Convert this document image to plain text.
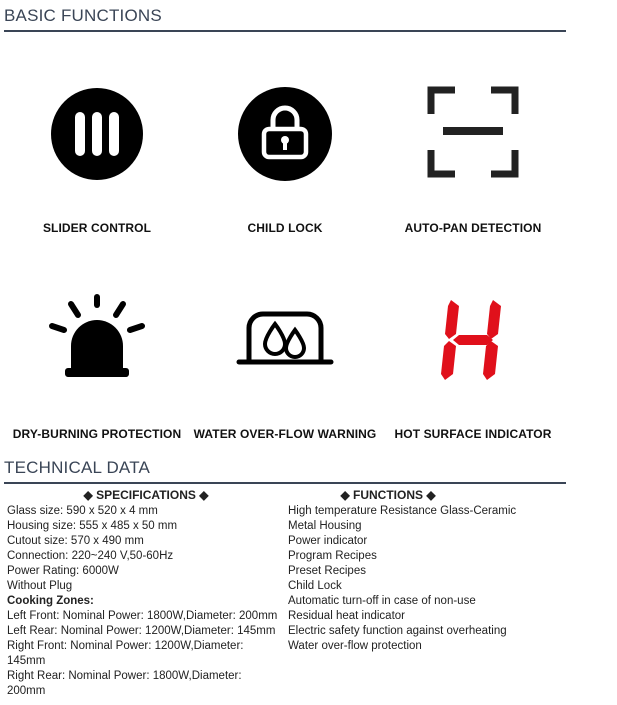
BASIC FUNCTIONS
SLIDER CONTROL	CHILD LOCK	AUTO-PAN DETECTION
DRY-BURNING PROTECTION	WATER OVER-FLOW WARNING	HOT SURFACE INDICATOR
TECHNICAL DATA
◆ SPECIFICATIONS ◆
Glass size: 590 x 520 x 4 mm
Housing size: 555 x 485 x 50 mm
Cutout size: 570 x 490 mm
Connection: 220~240 V,50-60Hz
Power Rating: 6000W
Without Plug
Cooking Zones:
Left Front: Nominal Power: 1800W,Diameter: 200mm
Left Rear: Nominal Power: 1200W,Diameter: 145mm
Right Front: Nominal Power: 1200W,Diameter: 145mm
Right Rear: Nominal Power: 1800W,Diameter: 200mm
◆ FUNCTIONS ◆
High temperature Resistance Glass-Ceramic
Metal Housing
Power indicator
Program Recipes
Preset Recipes
Child Lock
Automatic turn-off in case of non-use
Residual heat indicator
Electric safety function against overheating
Water over-flow protection
